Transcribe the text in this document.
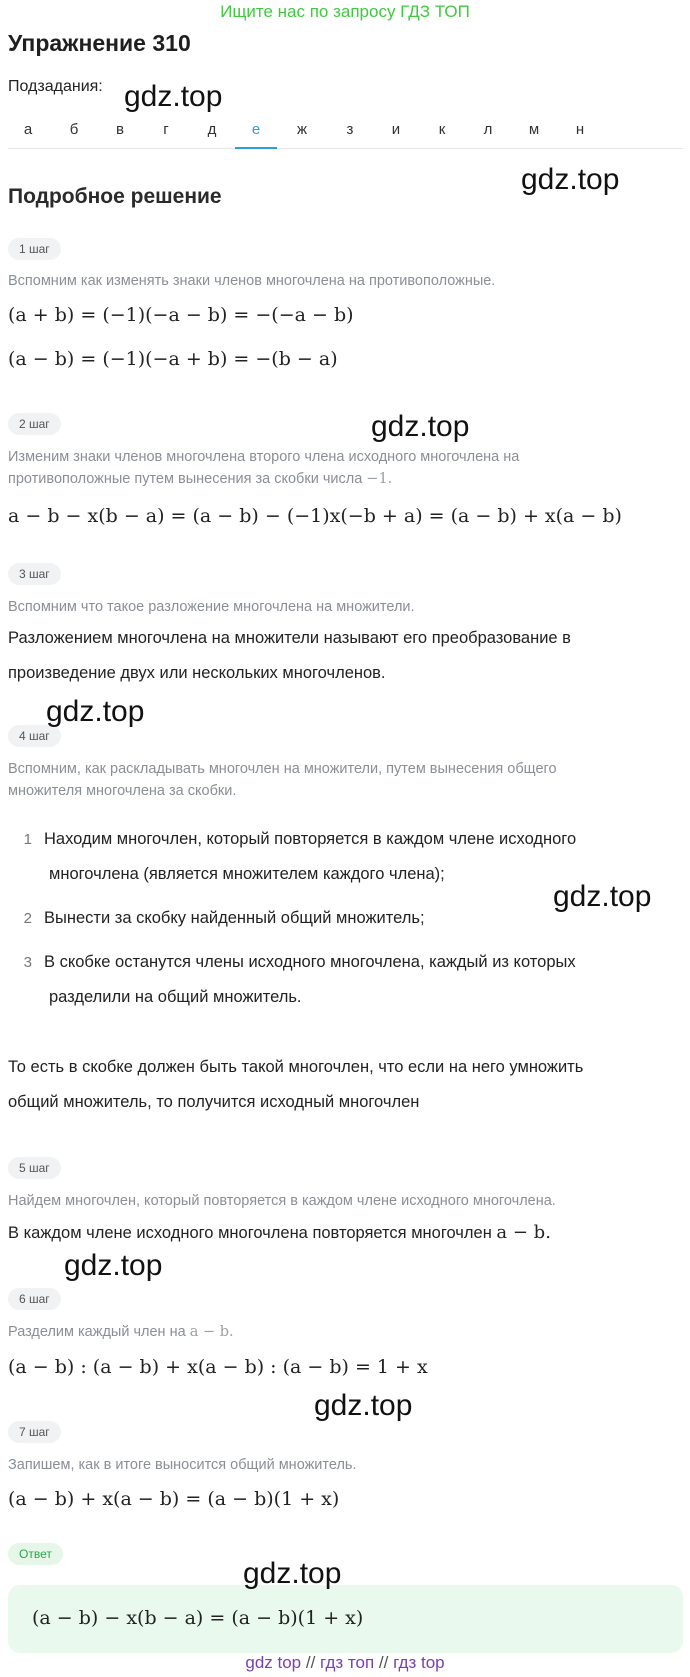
Ищите нас по запросу ГДЗ ТОП
Упражнение 310
Подзадания:
а	б	в	г	д	е	ж	з	и	к	л	м	н
Подробное решение
1 шаг
Вспомним как изменять знаки членов многочлена на противоположные.
(a + b) = (−1)(−a − b) = −(−a − b)
(a − b) = (−1)(−a + b) = −(b − a)
2 шаг
Изменим знаки членов многочлена второго члена исходного многочлена на
противоположные путем вынесения за скобки числа −1.
a − b − x(b − a) = (a − b) − (−1)x(−b + a) = (a − b) + x(a − b)
3 шаг
Вспомним что такое разложение многочлена на множители.
Разложением многочлена на множители называют его преобразование в
произведение двух или нескольких многочленов.
4 шаг
Вспомним, как раскладывать многочлен на множители, путем вынесения общего
множителя многочлена за скобки.
1 Находим многочлен, который повторяется в каждом члене исходного
многочлена (является множителем каждого члена);
2 Вынести за скобку найденный общий множитель;
3 В скобке останутся члены исходного многочлена, каждый из которых
разделили на общий множитель.
То есть в скобке должен быть такой многочлен, что если на него умножить
общий множитель, то получится исходный многочлен
5 шаг
Найдем многочлен, который повторяется в каждом члене исходного многочлена.
В каждом члене исходного многочлена повторяется многочлен a − b.
6 шаг
Разделим каждый член на a − b.
(a − b) : (a − b) + x(a − b) : (a − b) = 1 + x
7 шаг
Запишем, как в итоге выносится общий множитель.
(a − b) + x(a − b) = (a − b)(1 + x)
Ответ
(a − b) − x(b − a) = (a − b)(1 + x)
gdz.top
gdz.top
gdz.top
gdz.top
gdz.top
gdz.top
gdz.top
gdz.top
gdz top // гдз топ // гдз top
